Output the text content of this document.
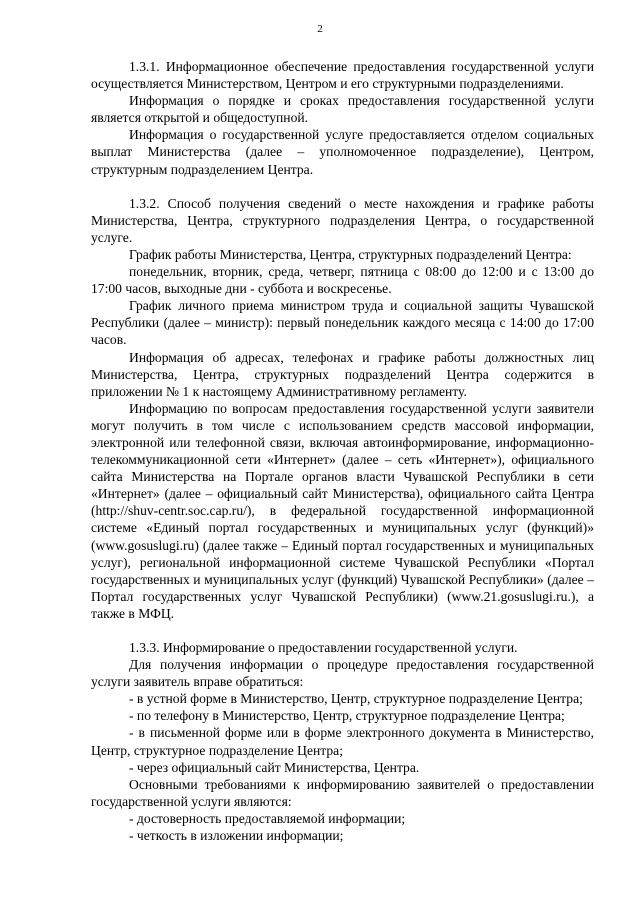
2

1.3.1. Информационное обеспечение предоставления государственной услуги осуществляется Министерством, Центром и его структурными подразделениями.

Информация о порядке и сроках предоставления государственной услуги является открытой и общедоступной.

Информация о государственной услуге предоставляется отделом социальных выплат Министерства (далее – уполномоченное подразделение), Центром, структурным подразделением Центра.

1.3.2. Способ получения сведений о месте нахождения и графике работы Министерства, Центра, структурного подразделения Центра, о государственной услуге.

График работы Министерства, Центра, структурных подразделений Центра:

понедельник, вторник, среда, четверг, пятница с 08:00 до 12:00 и с 13:00 до 17:00 часов, выходные дни - суббота и воскресенье.

График личного приема министром труда и социальной защиты Чувашской Республики (далее – министр): первый понедельник каждого месяца с 14:00 до 17:00 часов.

Информация об адресах, телефонах и графике работы должностных лиц Министерства, Центра, структурных подразделений Центра содержится в приложении № 1 к настоящему Административному регламенту.

Информацию по вопросам предоставления государственной услуги заявители могут получить в том числе с использованием средств массовой информации, электронной или телефонной связи, включая автоинформирование, информационно-телекоммуникационной сети «Интернет» (далее – сеть «Интернет»), официального сайта Министерства на Портале органов власти Чувашской Республики в сети «Интернет» (далее – официальный сайт Министерства), официального сайта Центра (http://shuv-centr.soc.cap.ru/), в федеральной государственной информационной системе «Единый портал государственных и муниципальных услуг (функций)» (www.gosuslugi.ru) (далее также – Единый портал государственных и муниципальных услуг), региональной информационной системе Чувашской Республики «Портал государственных и муниципальных услуг (функций) Чувашской Республики» (далее – Портал государственных услуг Чувашской Республики) (www.21.gosuslugi.ru.), а также в МФЦ.

1.3.3. Информирование о предоставлении государственной услуги.

Для получения информации о процедуре предоставления государственной услуги заявитель вправе обратиться:

- в устной форме в Министерство, Центр, структурное подразделение Центра;

- по телефону в Министерство, Центр, структурное подразделение Центра;

- в письменной форме или в форме электронного документа в Министерство, Центр, структурное подразделение Центра;

- через официальный сайт Министерства, Центра.

Основными требованиями к информированию заявителей о предоставлении государственной услуги являются:

- достоверность предоставляемой информации;

- четкость в изложении информации;
